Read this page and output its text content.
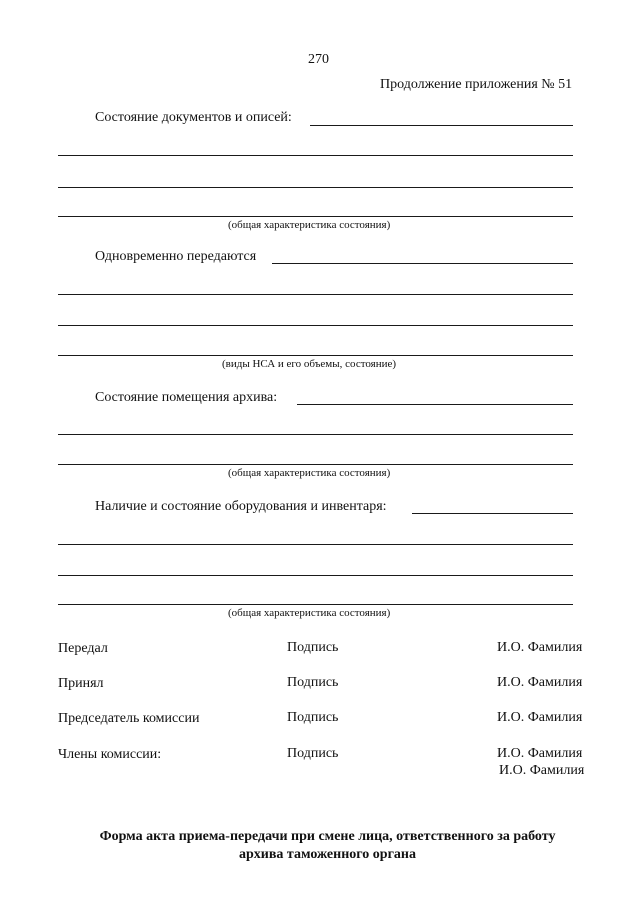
270
Продолжение приложения № 51
Состояние документов и описей:
(общая характеристика состояния)
Одновременно передаются
(виды НСА и его объемы, состояние)
Состояние помещения архива:
(общая характеристика состояния)
Наличие и состояние оборудования и инвентаря:
(общая характеристика состояния)
Передал	Подпись	И.О. Фамилия
Принял	Подпись	И.О. Фамилия
Председатель комиссии	Подпись	И.О. Фамилия
Члены комиссии:	Подпись	И.О. Фамилия
И.О. Фамилия
Форма акта приема-передачи при смене лица, ответственного за работу
архива таможенного органа
